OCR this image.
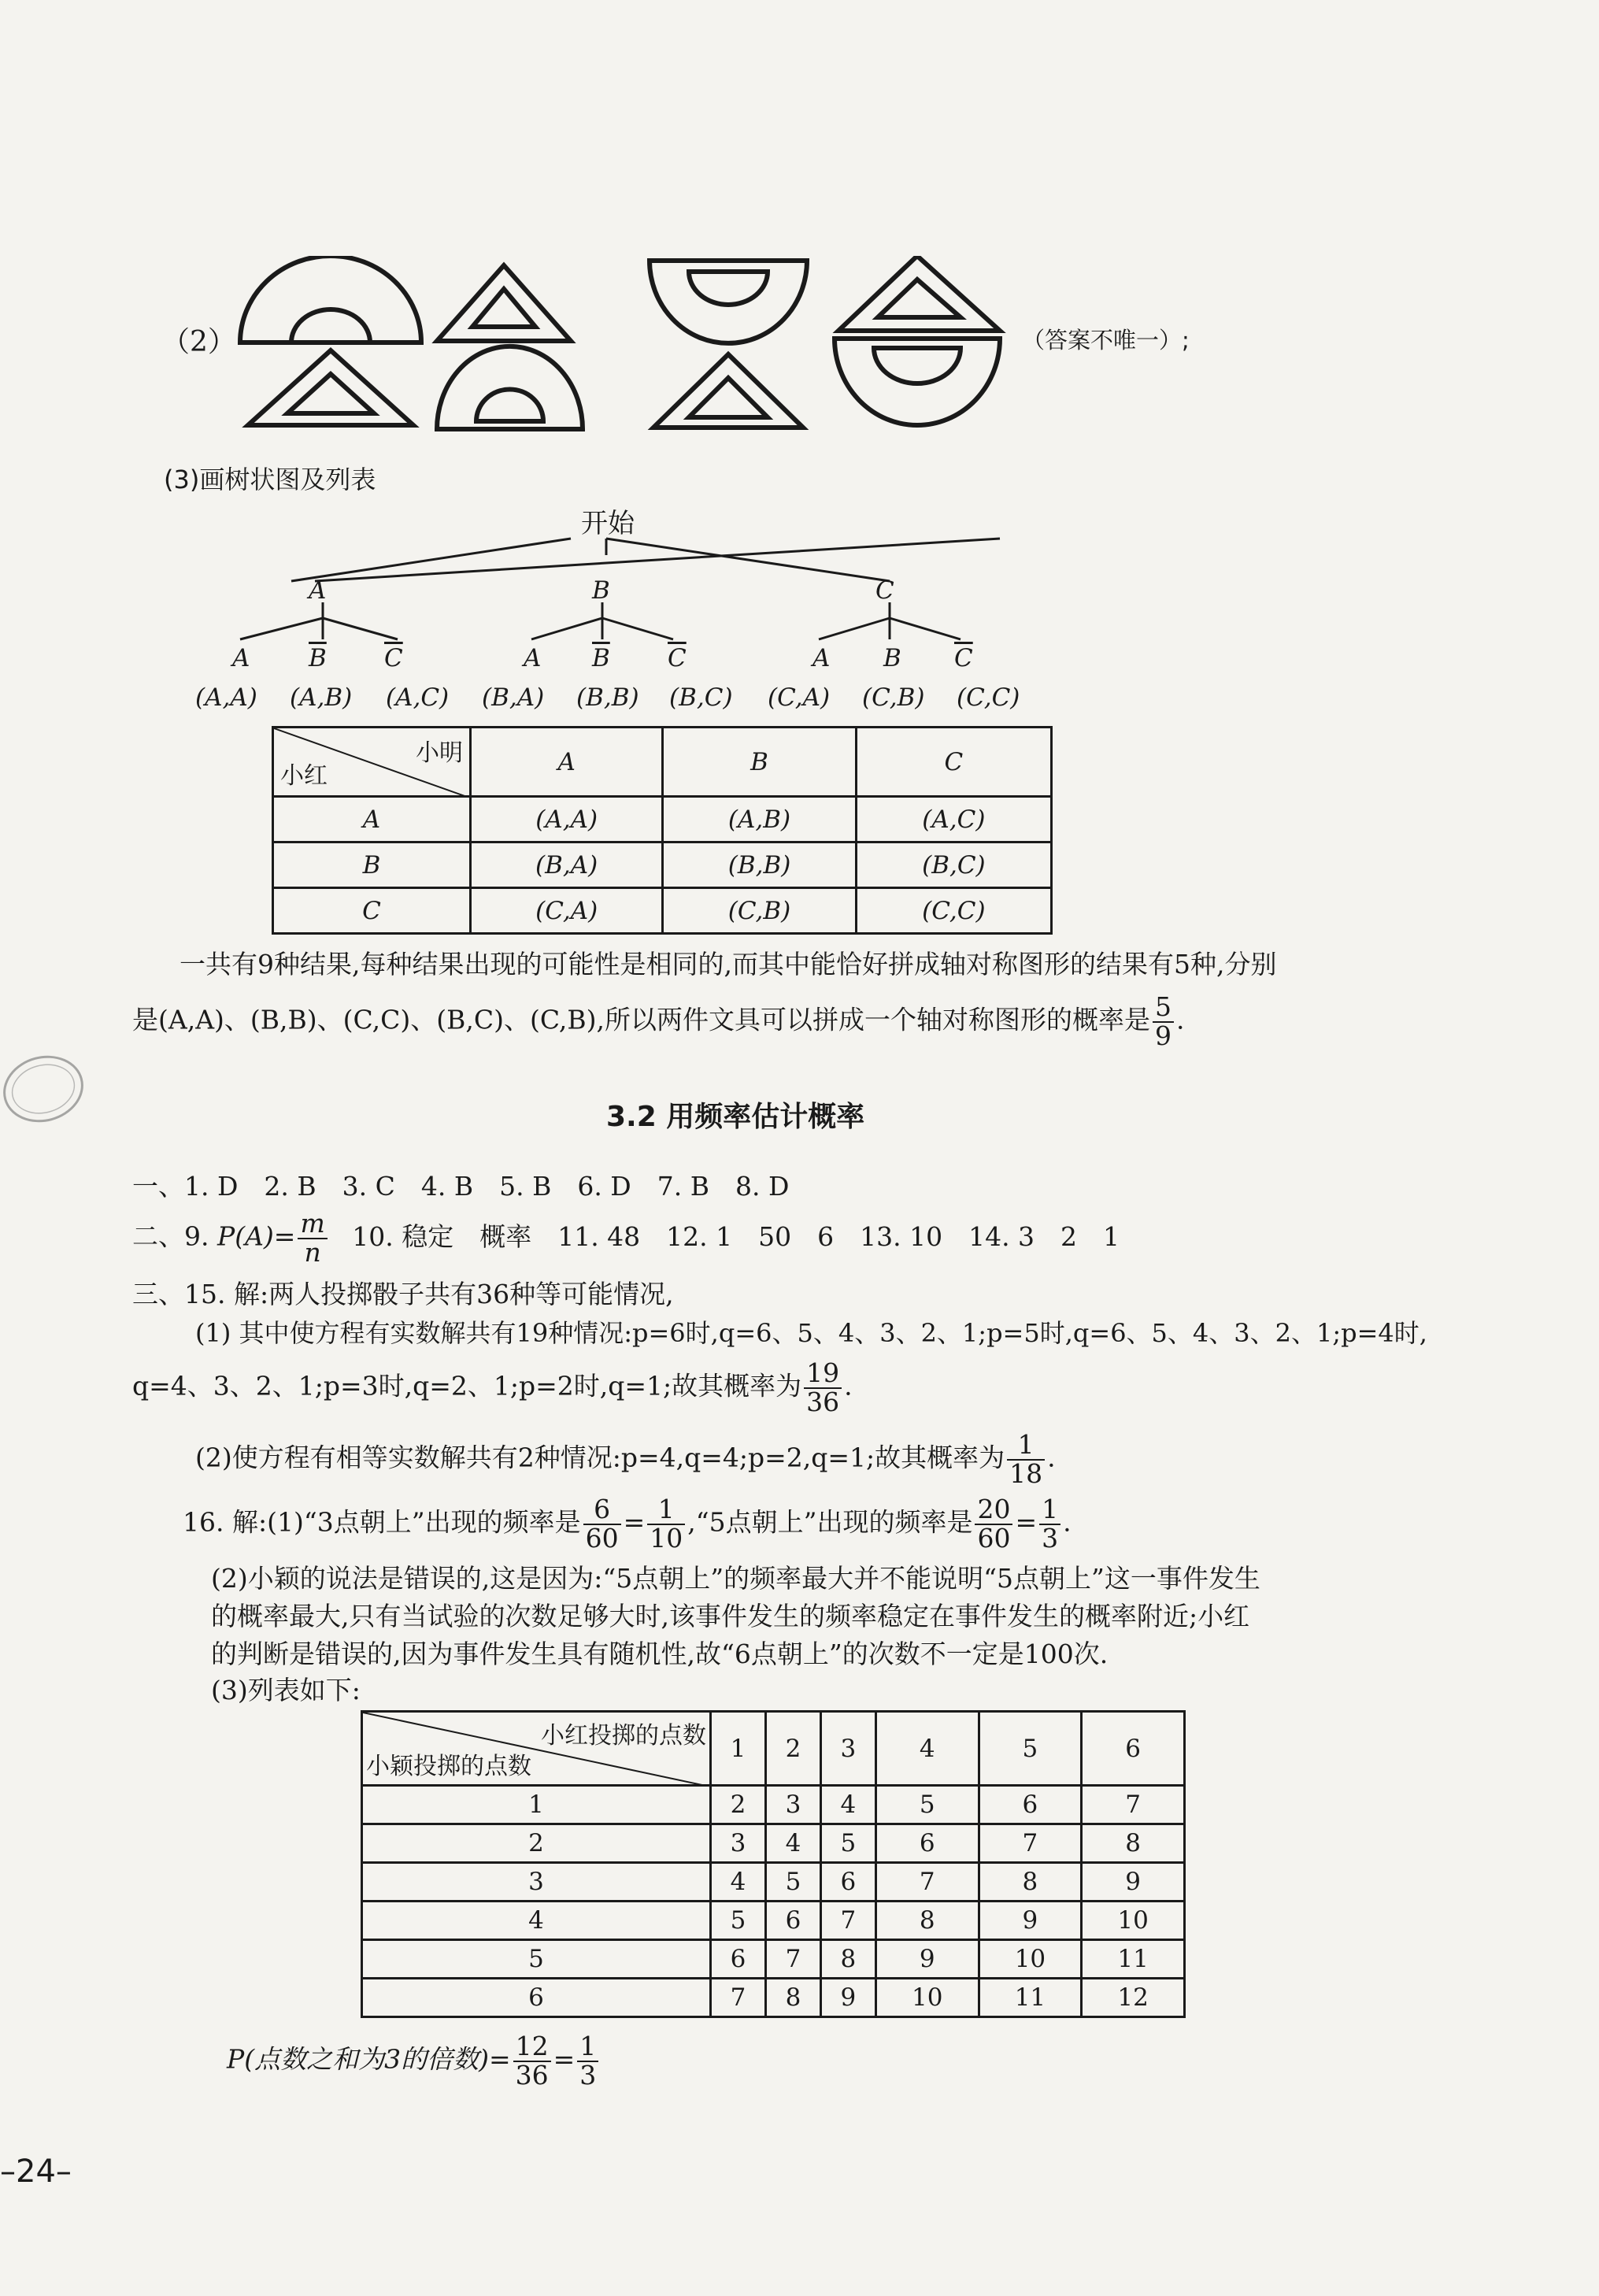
（2）	（答案不唯一）;
(3)画树状图及列表
开始
A	B	C
A $\overline{B}$ $\overline{C}$	A $\overline{B}$ $\overline{C}$	A B $\overline{C}$
(A,A) (A,B) (A,C) (B,A) (B,B) (B,C) (C,A) (C,B) (C,C)
小明
小红	A	B	C
A	(A,A)	(A,B)	(A,C)
B	(B,A)	(B,B)	(B,C)
C	(C,A)	(C,B)	(C,C)
一共有9种结果,每种结果出现的可能性是相同的,而其中能恰好拼成轴对称图形的结果有5种,分别
是(A,A)、(B,B)、(C,C)、(B,C)、(C,B),所以两件文具可以拼成一个轴对称图形的概率是 $\frac{5}{9}$ .
3.2 用频率估计概率
一、1. D　2. B　3. C　4. B　5. B　6. D　7. B　8. D
二、9. $P(A)= \frac{m}{n} 10$. 稳定　概率　11. 48　12. 1　50　6　13. 10　14. 3　2　1
三、15. 解:两人投掷骰子共有36种等可能情况,
(1) 其中使方程有实数解共有19种情况:p=6时,q=6、5、4、3、2、1;p=5时,q=6、5、4、3、2、1;p=4时,
q=4、3、2、1;p=3时,q=2、1;p=2时,q=1;故其概率为 $\frac{19}{36}$ .
(2)使方程有相等实数解共有2种情况:p=4,q=4;p=2,q=1;故其概率为 $\frac{1}{18}$ .
16. 解:(1)“3点朝上”出现的频率是 $\frac{6}{60} = \frac{1}{10}$ ,“5点朝上”出现的频率是 $\frac{20}{60} = \frac{1}{3}$ .
(2)小颖的说法是错误的,这是因为:“5点朝上”的频率最大并不能说明“5点朝上”这一事件发生
的概率最大,只有当试验的次数足够大时,该事件发生的频率稳定在事件发生的概率附近;小红
的判断是错误的,因为事件发生具有随机性,故“6点朝上”的次数不一定是100次.
(3)列表如下:
小红投掷的点数
小颖投掷的点数	1	2	3	4	5	6
1	2	3	4	5	6	7
2	3	4	5	6	7	8
3	4	5	6	7	8	9
4	5	6	7	8	9	10
5	6	7	8	9	10	11
6	7	8	9	10	11	12
P(点数之和为3的倍数)= $\frac{12}{36} = \frac{1}{3}$
–24–
